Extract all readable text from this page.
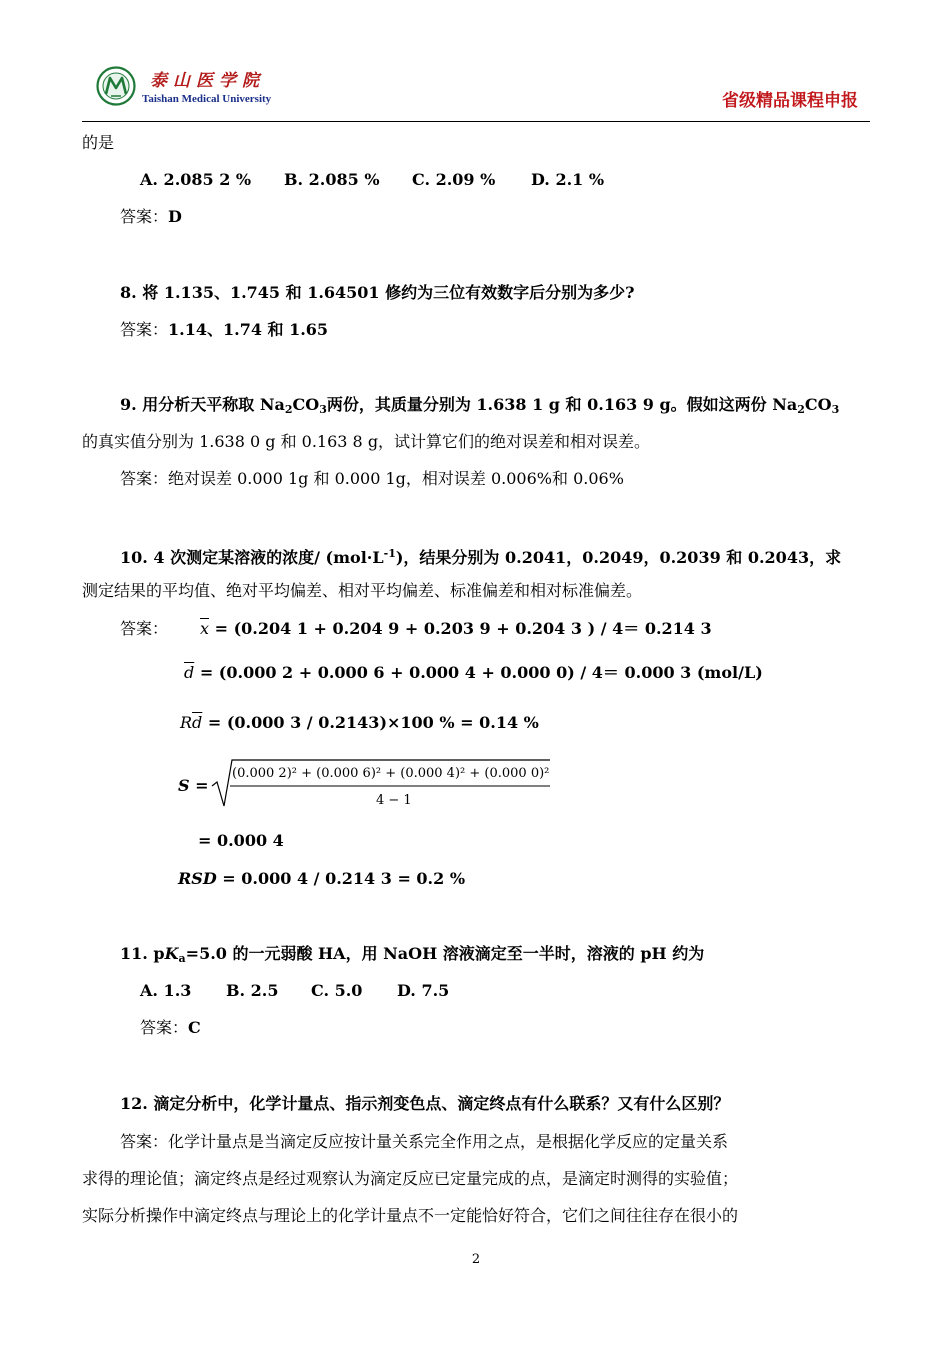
泰山医学院
Taishan Medical University	省级精品课程申报
的是
A. 2.085 2 % B. 2.085 % C. 2.09 % D. 2.1 %
答案：D
8. 将 1.135、1.745 和 1.64501 修约为三位有效数字后分别为多少?
答案：1.14、1.74 和 1.65
9. 用分析天平称取 $Na_2CO_3$两份，其质量分别为 1.638 1 g 和 0.163 9 g。假如这两份 $Na_2CO_3$
的真实值分别为 1.638 0 g 和 0.163 8 g，试计算它们的绝对误差和相对误差。
答案：绝对误差 0.000 1g 和 0.000 1g，相对误差 0.006%和 0.06%
10. 4 次测定某溶液的浓度/ $(mol\cdot L^{-1})$，结果分别为 0.2041，0.2049，0.2039 和 0.2043，求
测定结果的平均值、绝对平均偏差、相对平均偏差、标准偏差和相对标准偏差。
答案： $\overline{x} = (0.204$ 1 + 0.204 9 + 0.203 9 + 0.204 3 ) / 4＝ 0.214 3
$\overline{d} = (0.000$ 2 + 0.000 6 + 0.000 4 + 0.000 0) / 4＝ 0.000 3 (mol/L)
$R\overline{d} = (0.000$ 3 / 0.2143)×100 % = 0.14 %
S =
(0.000 2)² + (0.000 6)² + (0.000 4)² + (0.000 0)²
4 − 1
= 0.000 4
RSD = 0.000 4 / 0.214 3 = 0.2 %
11. $pK_a=5.0$ 的一元弱酸 HA，用 NaOH 溶液滴定至一半时，溶液的 pH 约为
A. 1.3 B. 2.5 C. 5.0 D. 7.5
答案：C
12. 滴定分析中，化学计量点、指示剂变色点、滴定终点有什么联系？又有什么区别？
答案：化学计量点是当滴定反应按计量关系完全作用之点，是根据化学反应的定量关系
求得的理论值；滴定终点是经过观察认为滴定反应已定量完成的点，是滴定时测得的实验值；
实际分析操作中滴定终点与理论上的化学计量点不一定能恰好符合，它们之间往往存在很小的
2
